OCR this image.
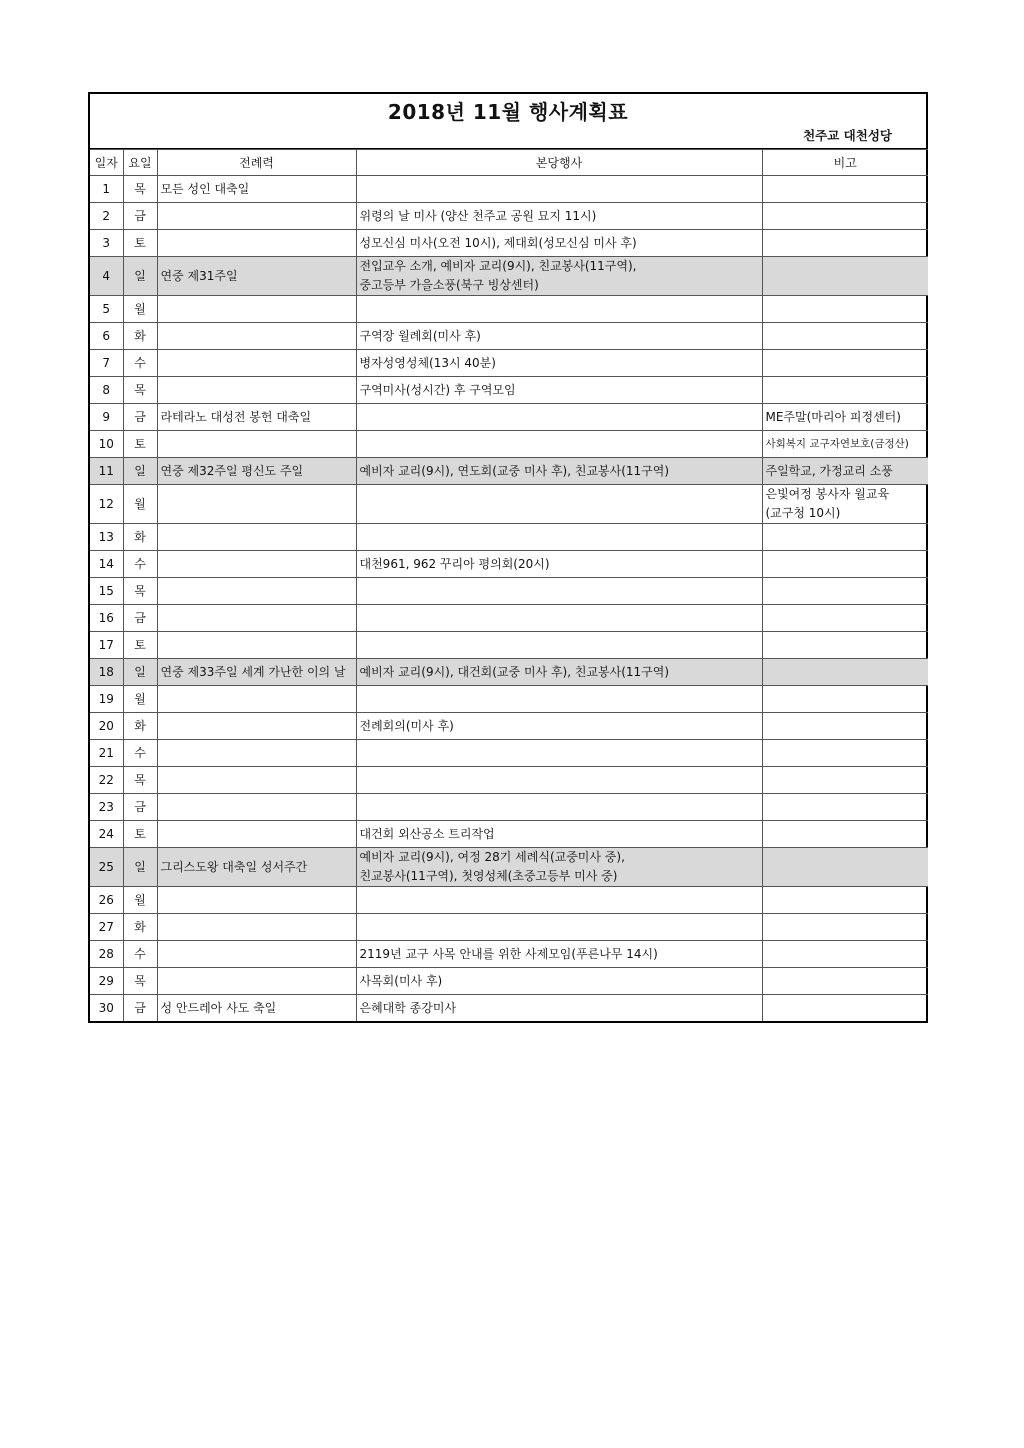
2018년 11월 행사계획표
천주교 대천성당
일자	요일	전례력	본당행사	비고
1	목	모든 성인 대축일		
2	금		위령의 날 미사 (양산 천주교 공원 묘지 11시)	

3	토		성모신심 미사(오전 10시), 제대회(성모신심 미사 후)	

4	일	연중 제31주일	전입교우 소개, 예비자 교리(9시), 친교봉사(11구역),
중고등부 가을소풍(북구 빙상센터)	

5	월			
6	화		구역장 월례회(미사 후)	

7	수		병자성영성체(13시 40분)	

8	목		구역미사(성시간) 후 구역모임	

9	금	라테라노 대성전 봉헌 대축일		ME주말(마리아 피정센터)

10	토			사회복지 교구자연보호(금정산)

11	일	연중 제32주일 평신도 주일	예비자 교리(9시), 연도회(교중 미사 후), 친교봉사(11구역)	주일학교, 가정교리 소풍

12	월			은빛여정 봉사자 월교육
(교구청 10시)

13	화			
14	수		대천961, 962 꾸리아 평의회(20시)	

15	목			
16	금			
17	토			
18	일	연중 제33주일 세계 가난한 이의 날	예비자 교리(9시), 대건회(교중 미사 후), 친교봉사(11구역)	

19	월			
20	화		전례회의(미사 후)	

21	수			
22	목			
23	금			
24	토		대건회 외산공소 트리작업	

25	일	그리스도왕 대축일 성서주간	예비자 교리(9시), 여정 28기 세례식(교중미사 중),
친교봉사(11구역), 첫영성체(초중고등부 미사 중)	

26	월			
27	화			
28	수		2119년 교구 사목 안내를 위한 사제모임(푸른나무 14시)	

29	목		사목회(미사 후)	

30	금	성 안드레아 사도 축일	은혜대학 종강미사	
